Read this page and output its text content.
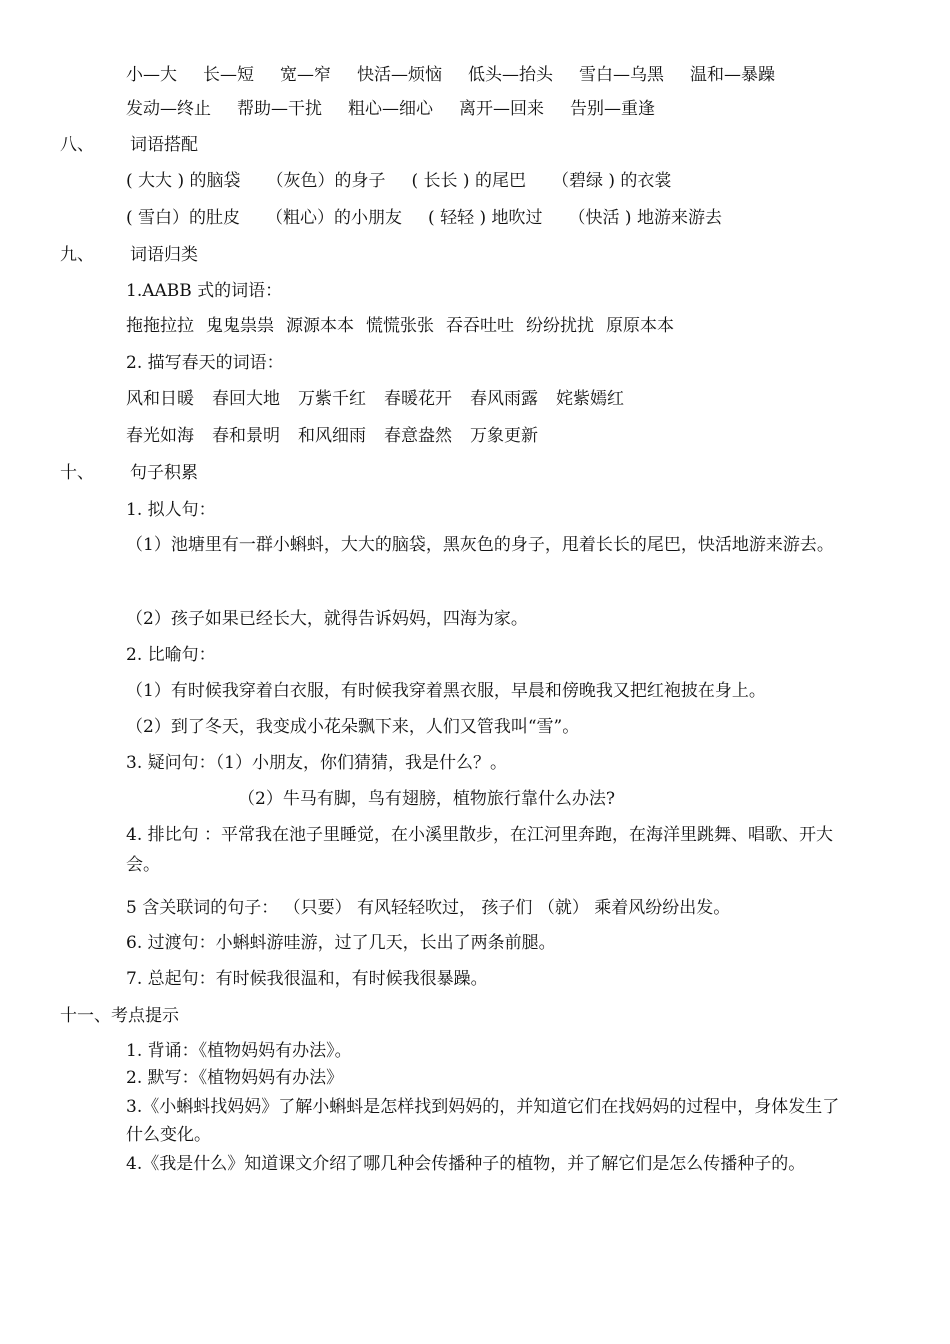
小—大 长—短 宽—窄 快活—烦恼 低头—抬头 雪白—乌黑 温和—暴躁
发动—终止 帮助—干扰 粗心—细心 离开—回来 告别—重逢
八、 词语搭配
( 大大 ) 的脑袋 （灰色）的身子 ( 长长 ) 的尾巴 （碧绿 ) 的衣裳
( 雪白）的肚皮 （粗心）的小朋友 ( 轻轻 ) 地吹过 （快活 ) 地游来游去
九、 词语归类
1.AABB 式的词语：
拖拖拉拉 鬼鬼祟祟 源源本本 慌慌张张 吞吞吐吐 纷纷扰扰 原原本本
2. 描写春天的词语：
风和日暖 春回大地 万紫千红 春暖花开 春风雨露 姹紫嫣红
春光如海 春和景明 和风细雨 春意盎然 万象更新
十、 句子积累
1. 拟人句：
（1）池塘里有一群小蝌蚪，大大的脑袋，黑灰色的身子，甩着长长的尾巴，快活地游来游去。
（2）孩子如果已经长大，就得告诉妈妈，四海为家。
2. 比喻句：
（1）有时候我穿着白衣服，有时候我穿着黑衣服，早晨和傍晚我又把红袍披在身上。
（2）到了冬天，我变成小花朵飘下来，人们又管我叫“雪”。
3. 疑问句：（1）小朋友，你们猜猜，我是什么？。
（2）牛马有脚，鸟有翅膀，植物旅行靠什么办法?
4. 排比句 ：平常我在池子里睡觉，在小溪里散步，在江河里奔跑，在海洋里跳舞、唱歌、开大会。
5 含关联词的句子： （只要） 有风轻轻吹过， 孩子们 （就） 乘着风纷纷出发。
6. 过渡句：小蝌蚪游哇游，过了几天，长出了两条前腿。
7. 总起句：有时候我很温和，有时候我很暴躁。
十一、考点提示
1. 背诵：《植物妈妈有办法》。
2. 默写：《植物妈妈有办法》
3.《小蝌蚪找妈妈》了解小蝌蚪是怎样找到妈妈的，并知道它们在找妈妈的过程中，身体发生了什么变化。
4.《我是什么》知道课文介绍了哪几种会传播种子的植物，并了解它们是怎么传播种子的。
